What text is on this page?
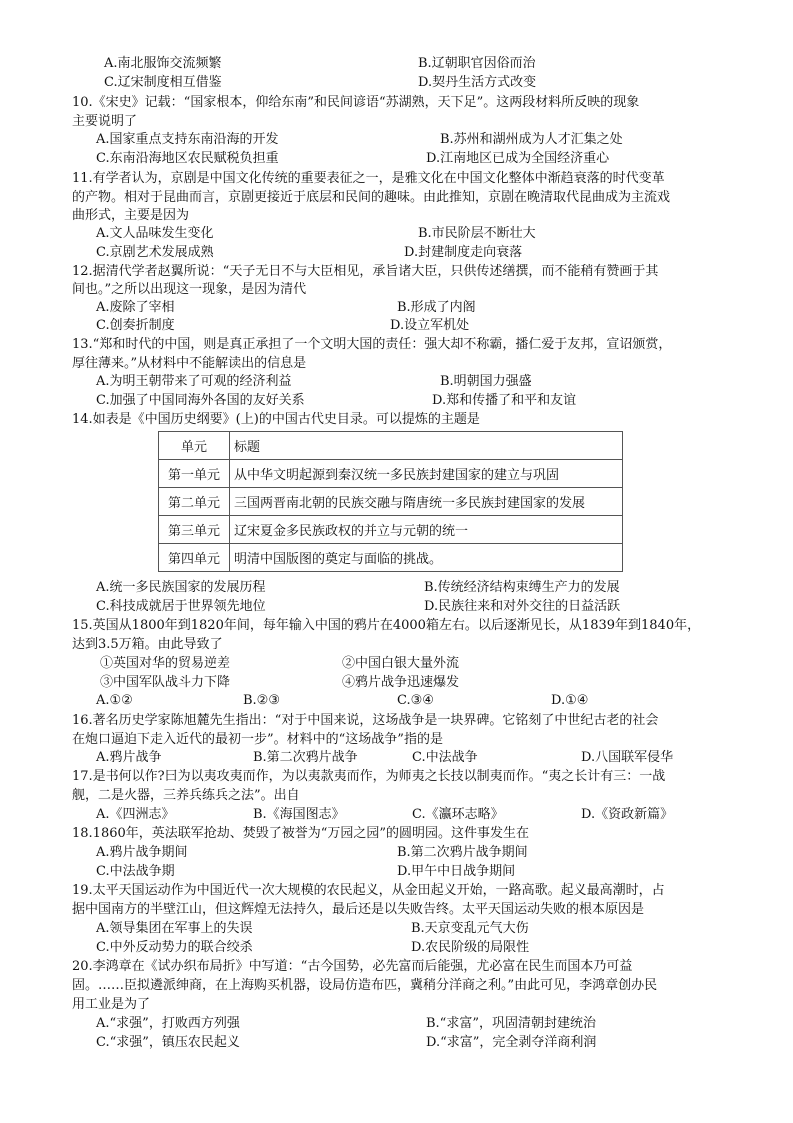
A.南北服饰交流频繁	B.辽朝职官因俗而治
C.辽宋制度相互借鉴	D.契丹生活方式改变
10.《宋史》记载：“国家根本，仰给东南”和民间谚语“苏湖熟，天下足”。这两段材料所反映的现象
主要说明了
A.国家重点支持东南沿海的开发	B.苏州和湖州成为人才汇集之处
C.东南沿海地区农民赋税负担重	D.江南地区已成为全国经济重心
11.有学者认为，京剧是中国文化传统的重要表征之一，是雅文化在中国文化整体中渐趋衰落的时代变革
的产物。相对于昆曲而言，京剧更接近于底层和民间的趣味。由此推知，京剧在晚清取代昆曲成为主流戏
曲形式，主要是因为
A.文人品味发生变化	B.市民阶层不断壮大
C.京剧艺术发展成熟	D.封建制度走向衰落
12.据清代学者赵翼所说：“天子无日不与大臣相见，承旨诸大臣，只供传述缮撰，而不能稍有赞画于其
间也。”之所以出现这一现象，是因为清代
A.废除了宰相	B.形成了内阁
C.创奏折制度	D.设立军机处
13.“郑和时代的中国，则是真正承担了一个文明大国的责任：强大却不称霸，播仁爱于友邦，宣诏颁赏，
厚往薄来。”从材料中不能解读出的信息是
A.为明王朝带来了可观的经济利益	B.明朝国力强盛
C.加强了中国同海外各国的友好关系	D.郑和传播了和平和友谊
14.如表是《中国历史纲要》(上)的中国古代史目录。可以提炼的主题是
单元	标题
第一单元	从中华文明起源到秦汉统一多民族封建国家的建立与巩固
第二单元	三国两晋南北朝的民族交融与隋唐统一多民族封建国家的发展
第三单元	辽宋夏金多民族政权的并立与元朝的统一
第四单元	明清中国版图的奠定与面临的挑战。
A.统一多民族国家的发展历程	B.传统经济结构束缚生产力的发展
C.科技成就居于世界领先地位	D.民族往来和对外交往的日益活跃
15.英国从1800年到1820年间，每年输入中国的鸦片在4000箱左右。以后逐渐见长，从1839年到1840年，
达到3.5万箱。由此导致了
①英国对华的贸易逆差	②中国白银大量外流
③中国军队战斗力下降	④鸦片战争迅速爆发
A.①②	B.②③	C.③④	D.①④
16.著名历史学家陈旭麓先生指出：“对于中国来说，这场战争是一块界碑。它铭刻了中世纪古老的社会
在炮口逼迫下走入近代的最初一步”。材料中的“这场战争”指的是
A.鸦片战争	B.第二次鸦片战争	C.中法战争	D.八国联军侵华
17.是书何以作?曰为以夷攻夷而作，为以夷款夷而作，为师夷之长技以制夷而作。“夷之长计有三：一战
舰，二是火器，三养兵练兵之法”。出自
A.《四洲志》	B.《海国图志》	C.《瀛环志略》	D.《资政新篇》
18.1860年，英法联军抢劫、焚毁了被誉为“万园之园”的圆明园。这件事发生在
A.鸦片战争期间	B.第二次鸦片战争期间
C.中法战争期	D.甲午中日战争期间
19.太平天国运动作为中国近代一次大规模的农民起义，从金田起义开始，一路高歌。起义最高潮时，占
据中国南方的半壁江山，但这辉煌无法持久，最后还是以失败告终。太平天国运动失败的根本原因是
A.领导集团在军事上的失误	B.天京变乱元气大伤
C.中外反动势力的联合绞杀	D.农民阶级的局限性
20.李鸿章在《试办织布局折》中写道：“古今国势，必先富而后能强，尤必富在民生而国本乃可益
固。……臣拟遴派绅商，在上海购买机器，设局仿造布匹，冀稍分洋商之利。”由此可见，李鸿章创办民
用工业是为了
A.“求强”，打败西方列强	B.“求富”，巩固清朝封建统治
C.“求强”，镇压农民起义	D.“求富”，完全剥夺洋商利润
